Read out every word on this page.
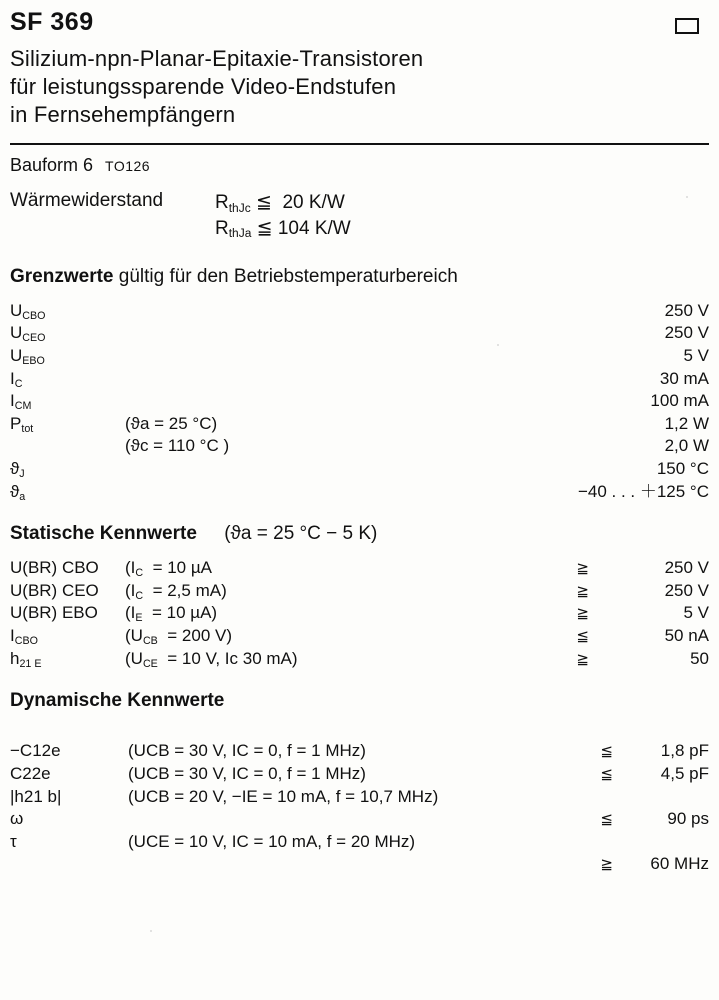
SF 369
Silizium-npn-Planar-Epitaxie-Transistoren
für leistungssparende Video-Endstufen
in Fernsehempfängern
Bauform 6 TO126
Wärmewiderstand	$R_{thJc}$ ≦ 20 K/W
$R_{thJa}$ ≦ 104 K/W
Grenzwerte gültig für den Betriebstemperaturbereich
$U_{CBO}$		250 V
$U_{CEO}$		250 V
$U_{EBO}$		5 V
$I_C$		30 mA
$I_{CM}$		100 mA
$P_{tot}$	(ϑa = 25 °C)	1,2 W
	(ϑc = 110 °C )	2,0 W
$ϑ_J$		150 °C
$ϑ_a$		−40 . . . ＋125 °C
Statische Kennwerte (ϑa = 25 °C − 5 K)
U(BR) CBO	($I_C = 10$ µA	≧	250 V
U(BR) CEO	($I_C = 2,5$ mA)	≧	250 V
U(BR) EBO	($I_E = 10$ µA)	≧	5 V
$I_{CBO}$	($U_{CB} = 200$ V)	≦	50 nA
$h_{21 E}$	($U_{CE} = 10$ V, Ic 30 mA)	≧	50
Dynamische Kennwerte
−C12e	(UCB = 30 V, IC = 0, f = 1 MHz)	≦	1,8 pF
C22e	(UCB = 30 V, IC = 0, f = 1 MHz)	≦	4,5 pF
|h21 b|	(UCB = 20 V, −IE = 10 mA, f = 10,7 MHz)		
ω		≦	90 ps
τ	(UCE = 10 V, IC = 10 mA, f = 20 MHz)		
		≧	60 MHz
